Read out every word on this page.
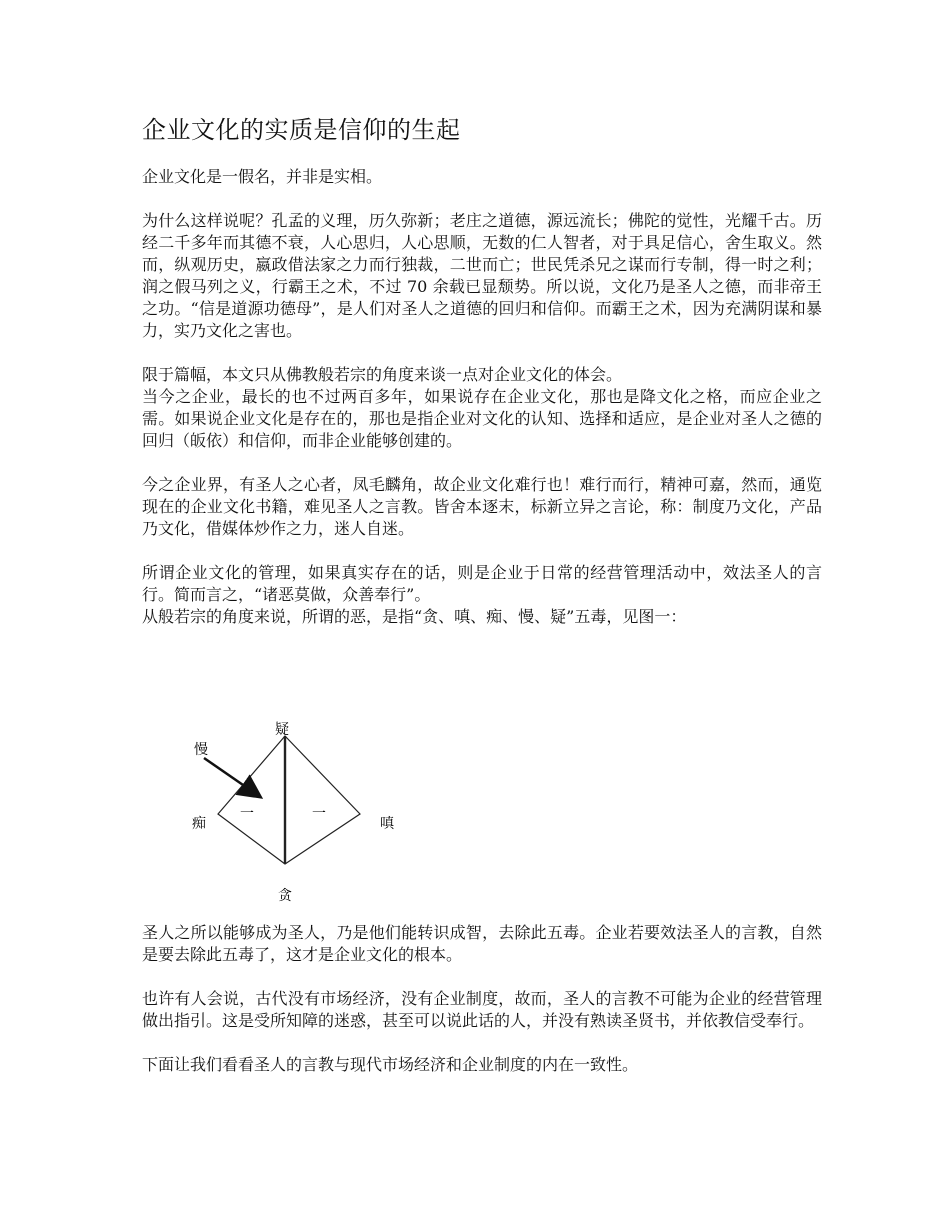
企业文化的实质是信仰的生起

企业文化是一假名，并非是实相。

为什么这样说呢？孔孟的义理，历久弥新；老庄之道德，源远流长；佛陀的觉性，光耀千古。历经二千多年而其德不衰，人心思归，人心思顺，无数的仁人智者，对于具足信心，舍生取义。然而，纵观历史，嬴政借法家之力而行独裁，二世而亡；世民凭杀兄之谋而行专制，得一时之利；润之假马列之义，行霸王之术，不过 70 余载已显颓势。所以说，文化乃是圣人之德，而非帝王之功。“信是道源功德母”，是人们对圣人之道德的回归和信仰。而霸王之术，因为充满阴谋和暴力，实乃文化之害也。

限于篇幅，本文只从佛教般若宗的角度来谈一点对企业文化的体会。

当今之企业，最长的也不过两百多年，如果说存在企业文化，那也是降文化之格，而应企业之需。如果说企业文化是存在的，那也是指企业对文化的认知、选择和适应，是企业对圣人之德的回归（皈依）和信仰，而非企业能够创建的。

今之企业界，有圣人之心者，凤毛麟角，故企业文化难行也！难行而行，精神可嘉，然而，通览现在的企业文化书籍，难见圣人之言教。皆舍本逐末，标新立异之言论，称：制度乃文化，产品乃文化，借媒体炒作之力，迷人自迷。

所谓企业文化的管理，如果真实存在的话，则是企业于日常的经营管理活动中，效法圣人的言行。简而言之，“诸恶莫做，众善奉行”。

从般若宗的角度来说，所谓的恶，是指“贪、嗔、痴、慢、疑”五毒，见图一：

疑
慢
痴	嗔
贪
一	一

圣人之所以能够成为圣人，乃是他们能转识成智，去除此五毒。企业若要效法圣人的言教，自然是要去除此五毒了，这才是企业文化的根本。

也许有人会说，古代没有市场经济，没有企业制度，故而，圣人的言教不可能为企业的经营管理做出指引。这是受所知障的迷惑，甚至可以说此话的人，并没有熟读圣贤书，并依教信受奉行。

下面让我们看看圣人的言教与现代市场经济和企业制度的内在一致性。
